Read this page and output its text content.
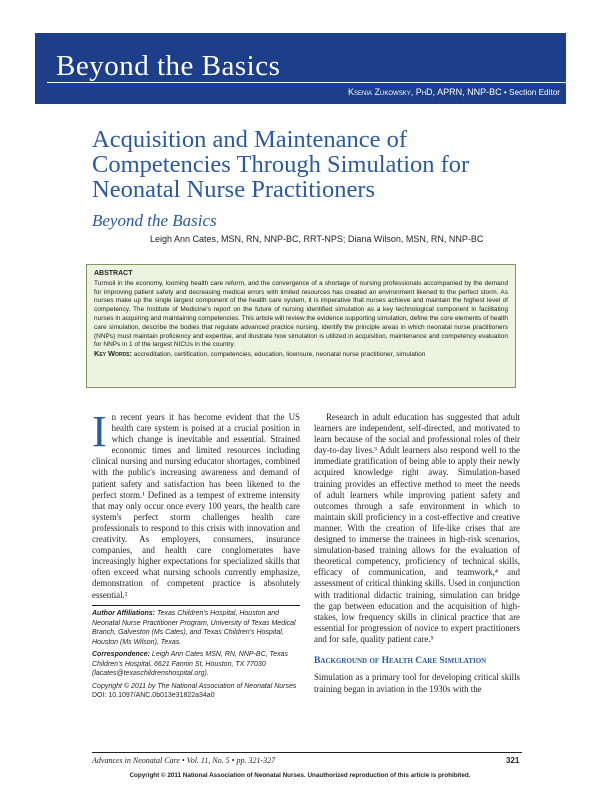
Beyond the Basics
Ksenia Zukowsky, PhD, APRN, NNP-BC • Section Editor
Acquisition and Maintenance of Competencies Through Simulation for Neonatal Nurse Practitioners
Beyond the Basics
Leigh Ann Cates, MSN, RN, NNP-BC, RRT-NPS; Diana Wilson, MSN, RN, NNP-BC
ABSTRACT
Turmoil in the economy, looming health care reform, and the convergence of a shortage of nursing professionals accompanied by the demand for improving patient safety and decreasing medical errors with limited resources has created an environment likened to the perfect storm. As nurses make up the single largest component of the health care system, it is imperative that nurses achieve and maintain the highest level of competency. The Institute of Medicine's report on the future of nursing identified simulation as a key technological component in facilitating nurses in acquiring and maintaining competencies. This article will review the evidence supporting simulation, define the core elements of health care simulation, describe the bodies that regulate advanced practice nursing, identify the principle areas in which neonatal nurse practitioners (NNPs) must maintain proficiency and expertise, and illustrate how simulation is utilized in acquisition, maintenance and competency evaluation for NNPs in 1 of the largest NICUs in the country.
Key Words: accreditation, certification, competencies, education, licensure, neonatal nurse practitioner, simulation
I n recent years it has become evident that the US health care system is poised at a crucial position in which change is inevitable and essential. Strained economic times and limited resources including clinical nursing and nursing educator shortages, combined with the public's increasing awareness and demand of patient safety and satisfaction has been likened to the perfect storm.¹ Defined as a tempest of extreme intensity that may only occur once every 100 years, the health care system's perfect storm challenges health care professionals to respond to this crisis with innovation and creativity. As employers, consumers, insurance companies, and health care conglomerates have increasingly higher expectations for specialized skills that often exceed what nursing schools currently emphasize, demonstration of competent practice is absolutely essential.²
Author Affiliations: Texas Children's Hospital, Houston and Neonatal Nurse Practitioner Program, University of Texas Medical Branch, Galveston (Ms Cates), and Texas Children's Hospital, Houston (Ms Wilson), Texas.
Correspondence: Leigh Ann Cates MSN, RN, NNP-BC, Texas Children's Hospital, 6621 Fannin St, Houston, TX 77030 (lacates@texaschildrenshospital.org).
Copyright © 2011 by The National Association of Neonatal Nurses
DOI: 10.1097/ANC.0b013e31822a34a0
Research in adult education has suggested that adult learners are independent, self-directed, and motivated to learn because of the social and professional roles of their day-to-day lives.³ Adult learners also respond well to the immediate gratification of being able to apply their newly acquired knowledge right away. Simulation-based training provides an effective method to meet the needs of adult learners while improving patient safety and outcomes through a safe environment in which to maintain skill proficiency in a cost-effective and creative manner. With the creation of life-like crises that are designed to immerse the trainees in high-risk scenarios, simulation-based training allows for the evaluation of theoretical competency, proficiency of technical skills, efficacy of communication, and teamwork,⁴ and assessment of critical thinking skills. Used in conjunction with traditional didactic training, simulation can bridge the gap between education and the acquisition of high-stakes, low frequency skills in clinical practice that are essential for progression of novice to expert practitioners and for safe, quality patient care.⁵
Background of Health Care Simulation
Simulation as a primary tool for developing critical skills training began in aviation in the 1930s with the
Advances in Neonatal Care • Vol. 11, No. 5 • pp. 321-327	321
Copyright © 2011 National Association of Neonatal Nurses. Unauthorized reproduction of this article is prohibited.
